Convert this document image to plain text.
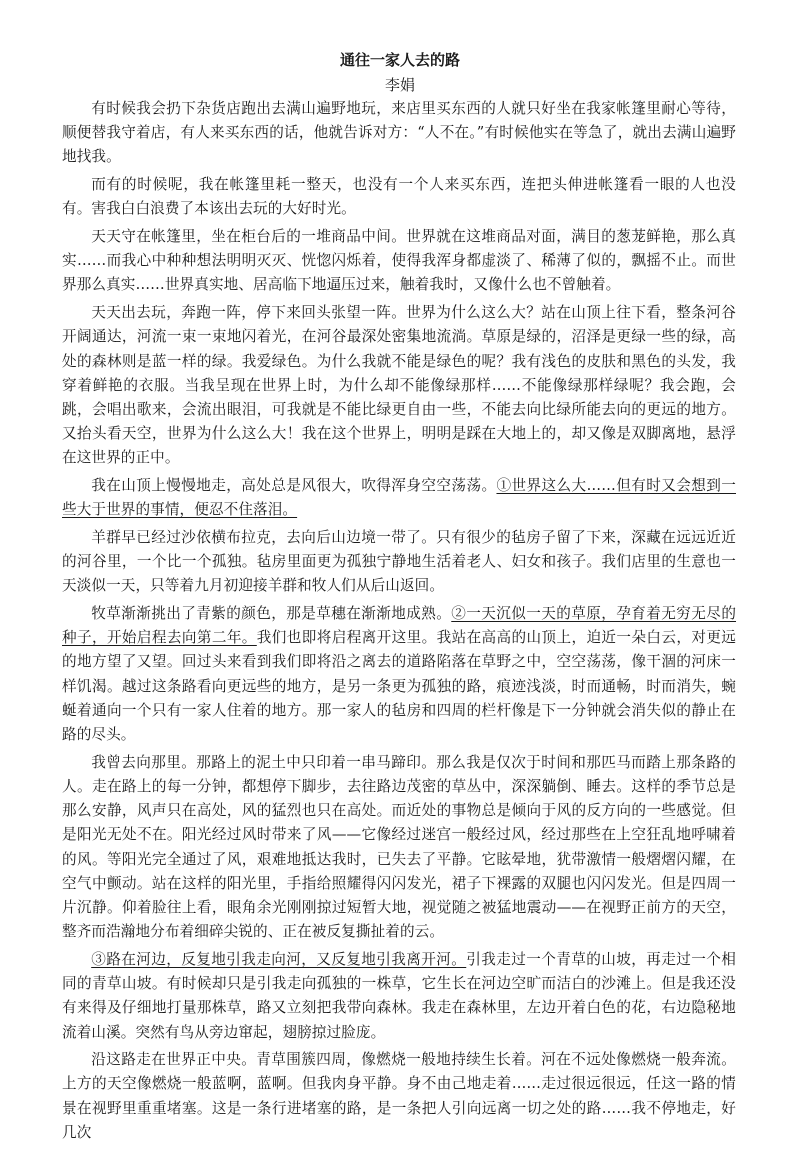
通往一家人去的路
李娟

有时候我会扔下杂货店跑出去满山遍野地玩，来店里买东西的人就只好坐在我家帐篷里耐心等待，顺便替我守着店，有人来买东西的话，他就告诉对方：“人不在。”有时候他实在等急了，就出去满山遍野地找我。

而有的时候呢，我在帐篷里耗一整天，也没有一个人来买东西，连把头伸进帐篷看一眼的人也没有。害我白白浪费了本该出去玩的大好时光。

天天守在帐篷里，坐在柜台后的一堆商品中间。世界就在这堆商品对面，满目的葱茏鲜艳，那么真实……而我心中种种想法明明灭灭、恍惚闪烁着，使得我浑身都虚淡了、稀薄了似的，飘摇不止。而世界那么真实……世界真实地、居高临下地逼压过来，触着我时，又像什么也不曾触着。

天天出去玩，奔跑一阵，停下来回头张望一阵。世界为什么这么大？站在山顶上往下看，整条河谷开阔通达，河流一束一束地闪着光，在河谷最深处密集地流淌。草原是绿的，沼泽是更绿一些的绿，高处的森林则是蓝一样的绿。我爱绿色。为什么我就不能是绿色的呢？我有浅色的皮肤和黑色的头发，我穿着鲜艳的衣服。当我呈现在世界上时，为什么却不能像绿那样……不能像绿那样绿呢？我会跑，会跳，会唱出歌来，会流出眼泪，可我就是不能比绿更自由一些，不能去向比绿所能去向的更远的地方。又抬头看天空，世界为什么这么大！我在这个世界上，明明是踩在大地上的，却又像是双脚离地，悬浮在这世界的正中。

我在山顶上慢慢地走，高处总是风很大，吹得浑身空空荡荡。①世界这么大……但有时又会想到一些大于世界的事情，便忍不住落泪。

羊群早已经过沙依横布拉克，去向后山边境一带了。只有很少的毡房子留了下来，深藏在远远近近的河谷里，一个比一个孤独。毡房里面更为孤独宁静地生活着老人、妇女和孩子。我们店里的生意也一天淡似一天，只等着九月初迎接羊群和牧人们从后山返回。

牧草渐渐挑出了青紫的颜色，那是草穗在渐渐地成熟。②一天沉似一天的草原，孕育着无穷无尽的种子，开始启程去向第二年。我们也即将启程离开这里。我站在高高的山顶上，迫近一朵白云，对更远的地方望了又望。回过头来看到我们即将沿之离去的道路陷落在草野之中，空空荡荡，像干涸的河床一样饥渴。越过这条路看向更远些的地方，是另一条更为孤独的路，痕迹浅淡，时而通畅，时而消失，蜿蜒着通向一个只有一家人住着的地方。那一家人的毡房和四周的栏杆像是下一分钟就会消失似的静止在路的尽头。

我曾去向那里。那路上的泥土中只印着一串马蹄印。那么我是仅次于时间和那匹马而踏上那条路的人。走在路上的每一分钟，都想停下脚步，去往路边茂密的草丛中，深深躺倒、睡去。这样的季节总是那么安静，风声只在高处，风的猛烈也只在高处。而近处的事物总是倾向于风的反方向的一些感觉。但是阳光无处不在。阳光经过风时带来了风——它像经过迷宫一般经过风，经过那些在上空狂乱地呼啸着的风。等阳光完全通过了风，艰难地抵达我时，已失去了平静。它眩晕地，犹带激情一般熠熠闪耀，在空气中颤动。站在这样的阳光里，手指给照耀得闪闪发光，裙子下裸露的双腿也闪闪发光。但是四周一片沉静。仰着脸往上看，眼角余光刚刚掠过短暂大地，视觉随之被猛地震动——在视野正前方的天空，整齐而浩瀚地分布着细碎尖锐的、正在被反复撕扯着的云。

③路在河边，反复地引我走向河，又反复地引我离开河。引我走过一个青草的山坡，再走过一个相同的青草山坡。有时候却只是引我走向孤独的一株草，它生长在河边空旷而洁白的沙滩上。但是我还没有来得及仔细地打量那株草，路又立刻把我带向森林。我走在森林里，左边开着白色的花，右边隐秘地流着山溪。突然有鸟从旁边窜起，翅膀掠过脸庞。

沿这路走在世界正中央。青草围簇四周，像燃烧一般地持续生长着。河在不远处像燃烧一般奔流。上方的天空像燃烧一般蓝啊，蓝啊。但我肉身平静。身不由己地走着……走过很远很远，任这一路的情景在视野里重重堵塞。这是一条行进堵塞的路，是一条把人引向远离一切之处的路……我不停地走，好几次
